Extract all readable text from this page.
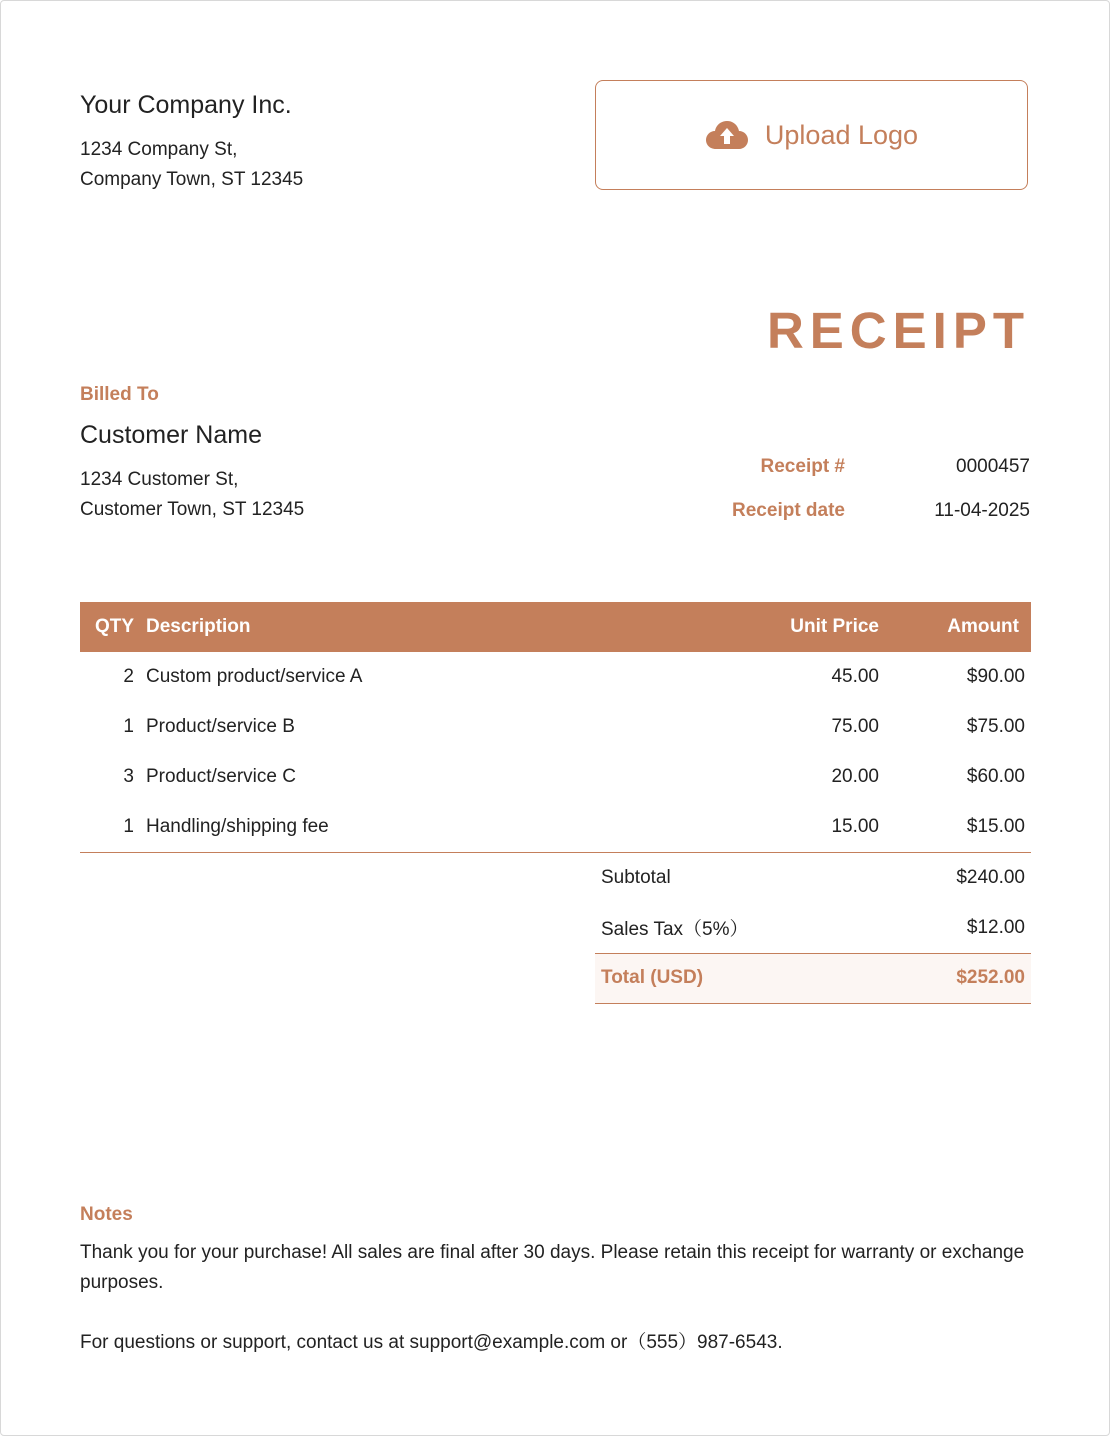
Your Company Inc.
1234 Company St,
Company Town, ST 12345
Upload Logo
RECEIPT
Billed To
Customer Name
1234 Customer St,
Customer Town, ST 12345
Receipt #	0000457
Receipt date	11-04-2025
QTY	Description	Unit Price	Amount
2	Custom product/service A	45.00	$90.00
1	Product/service B	75.00	$75.00
3	Product/service C	20.00	$60.00
1	Handling/shipping fee	15.00	$15.00
Subtotal	$240.00
Sales Tax（5%）	$12.00
Total (USD)	$252.00
Notes

Thank you for your purchase! All sales are final after 30 days. Please retain this receipt for warranty or exchange purposes.

For questions or support, contact us at support@example.com or（555）987-6543.
